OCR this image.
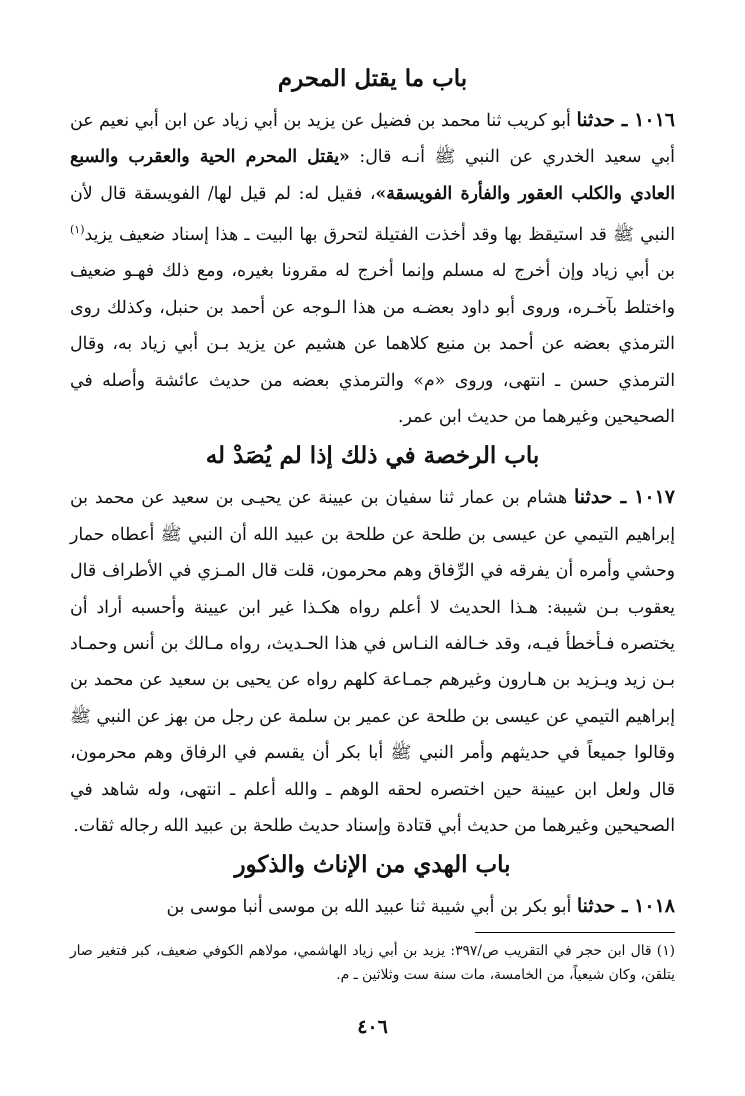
باب ما يقتل المحرم

١٠١٦ ـ حدثنا أبو كريب ثنا محمد بن فضيل عن يزيد بن أبي زياد عن ابن أبي نعيم عن أبي سعيد الخدري عن النبي ﷺ أنـه قال: «يقتل المحرم الحية والعقرب والسبع العادي والكلب العقور والفأرة الفويسقة»، فقيل له: لم قيل لها/ الفويسقة قال لأن النبي ﷺ قد استيقظ بها وقد أخذت الفتيلة لتحرق بها البيت ـ هذا إسناد ضعيف يزيد$^{(١)}$ بن أبي زياد وإن أخرج له مسلم وإنما أخرج له مقرونا بغيره، ومع ذلك فهـو ضعيف واختلط بآخـره، وروى أبو داود بعضـه من هذا الـوجه عن أحمد بن حنبل، وكذلك روى الترمذي بعضه عن أحمد بن منيع كلاهما عن هشيم عن يزيد بـن أبي زياد به، وقال الترمذي حسن ـ انتهى، وروى «م» والترمذي بعضه من حديث عائشة وأصله في الصحيحين وغيرهما من حديث ابن عمر.

باب الرخصة في ذلك إذا لم يُصَدْ له

١٠١٧ ـ حدثنا هشام بن عمار ثنا سفيان بن عيينة عن يحيـى بن سعيد عن محمد بن إبراهيم التيمي عن عيسى بن طلحة عن طلحة بن عبيد الله أن النبي ﷺ أعطاه حمار وحشي وأمره أن يفرقه في الرِّفاق وهم محرمون، قلت قال المـزي في الأطراف قال يعقوب بـن شيبة: هـذا الحديث لا أعلم رواه هكـذا غير ابن عيينة وأحسبه أراد أن يختصره فـأخطأ فيـه، وقد خـالفه النـاس في هذا الحـديث، رواه مـالك بن أنس وحمـاد بـن زيد ويـزيد بن هـارون وغيرهم جمـاعة كلهم رواه عن يحيى بن سعيد عن محمد بن إبراهيم التيمي عن عيسى بن طلحة عن عمير بن سلمة عن رجل من بهز عن النبي ﷺ وقالوا جميعاً في حديثهم وأمر النبي ﷺ أبا بكر أن يقسم في الرفاق وهم محرمون، قال ولعل ابن عيينة حين اختصره لحقه الوهم ـ والله أعلم ـ انتهى، وله شاهد في الصحيحين وغيرهما من حديث أبي قتادة وإسناد حديث طلحة بن عبيد الله رجاله ثقات.

باب الهدي من الإناث والذكور

١٠١٨ ـ حدثنا أبو بكر بن أبي شيبة ثنا عبيد الله بن موسى أنبا موسى بن

(١) قال ابن حجر في التقريب ص/٣٩٧: يزيد بن أبي زياد الهاشمي، مولاهم الكوفي ضعيف، كبر فتغير صار يتلقن، وكان شيعياً، من الخامسة، مات سنة ست وثلاثين ـ م.

٤٠٦
